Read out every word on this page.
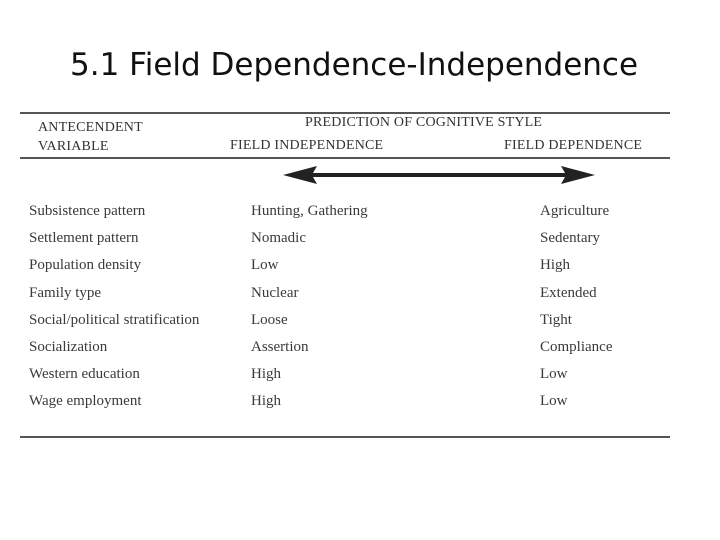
5.1 Field Dependence-Independence
ANTECENDENT
VARIABLE
PREDICTION OF COGNITIVE STYLE
FIELD INDEPENDENCE	FIELD DEPENDENCE
Subsistence pattern	Hunting, Gathering	Agriculture
Settlement pattern	Nomadic	Sedentary
Population density	Low	High
Family type	Nuclear	Extended
Social/political stratification	Loose	Tight
Socialization	Assertion	Compliance
Western education	High	Low
Wage employment	High	Low
